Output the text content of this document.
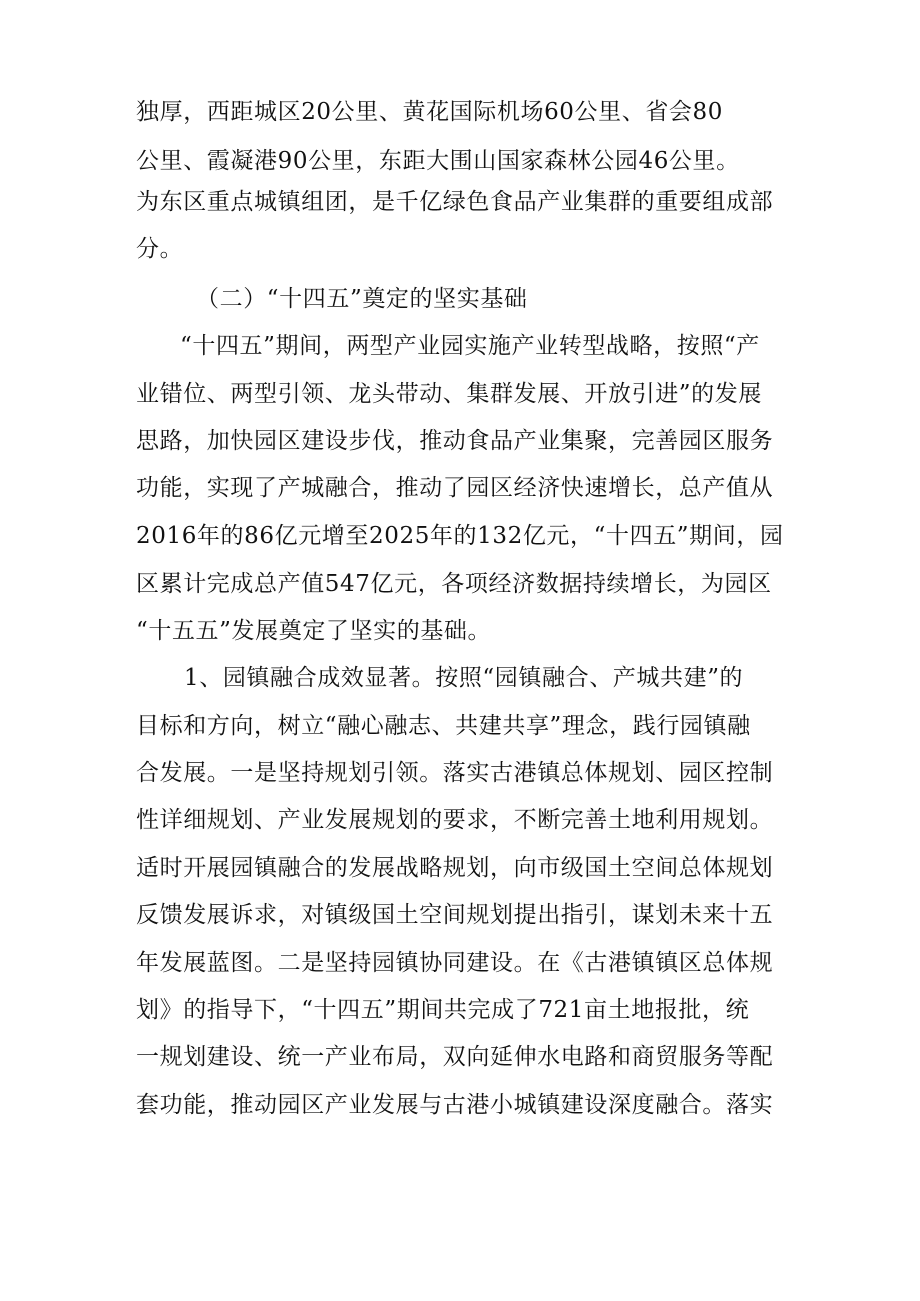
独厚，西距城区20公里、黄花国际机场60公里、省会80
公里、霞凝港90公里，东距大围山国家森林公园46公里。
为东区重点城镇组团，是千亿绿色食品产业集群的重要组成部
分。
（二）“十四五”奠定的坚实基础
“十四五”期间，两型产业园实施产业转型战略，按照“产
业错位、两型引领、龙头带动、集群发展、开放引进”的发展
思路，加快园区建设步伐，推动食品产业集聚，完善园区服务
功能，实现了产城融合，推动了园区经济快速增长，总产值从
2016年的86亿元增至2025年的132亿元，“十四五”期间，园
区累计完成总产值547亿元，各项经济数据持续增长，为园区
“十五五”发展奠定了坚实的基础。
1、园镇融合成效显著。按照“园镇融合、产城共建”的
目标和方向，树立“融心融志、共建共享”理念，践行园镇融
合发展。一是坚持规划引领。落实古港镇总体规划、园区控制
性详细规划、产业发展规划的要求，不断完善土地利用规划。
适时开展园镇融合的发展战略规划，向市级国土空间总体规划
反馈发展诉求，对镇级国土空间规划提出指引，谋划未来十五
年发展蓝图。二是坚持园镇协同建设。在《古港镇镇区总体规
划》的指导下，“十四五”期间共完成了721亩土地报批，统
一规划建设、统一产业布局，双向延伸水电路和商贸服务等配
套功能，推动园区产业发展与古港小城镇建设深度融合。落实
